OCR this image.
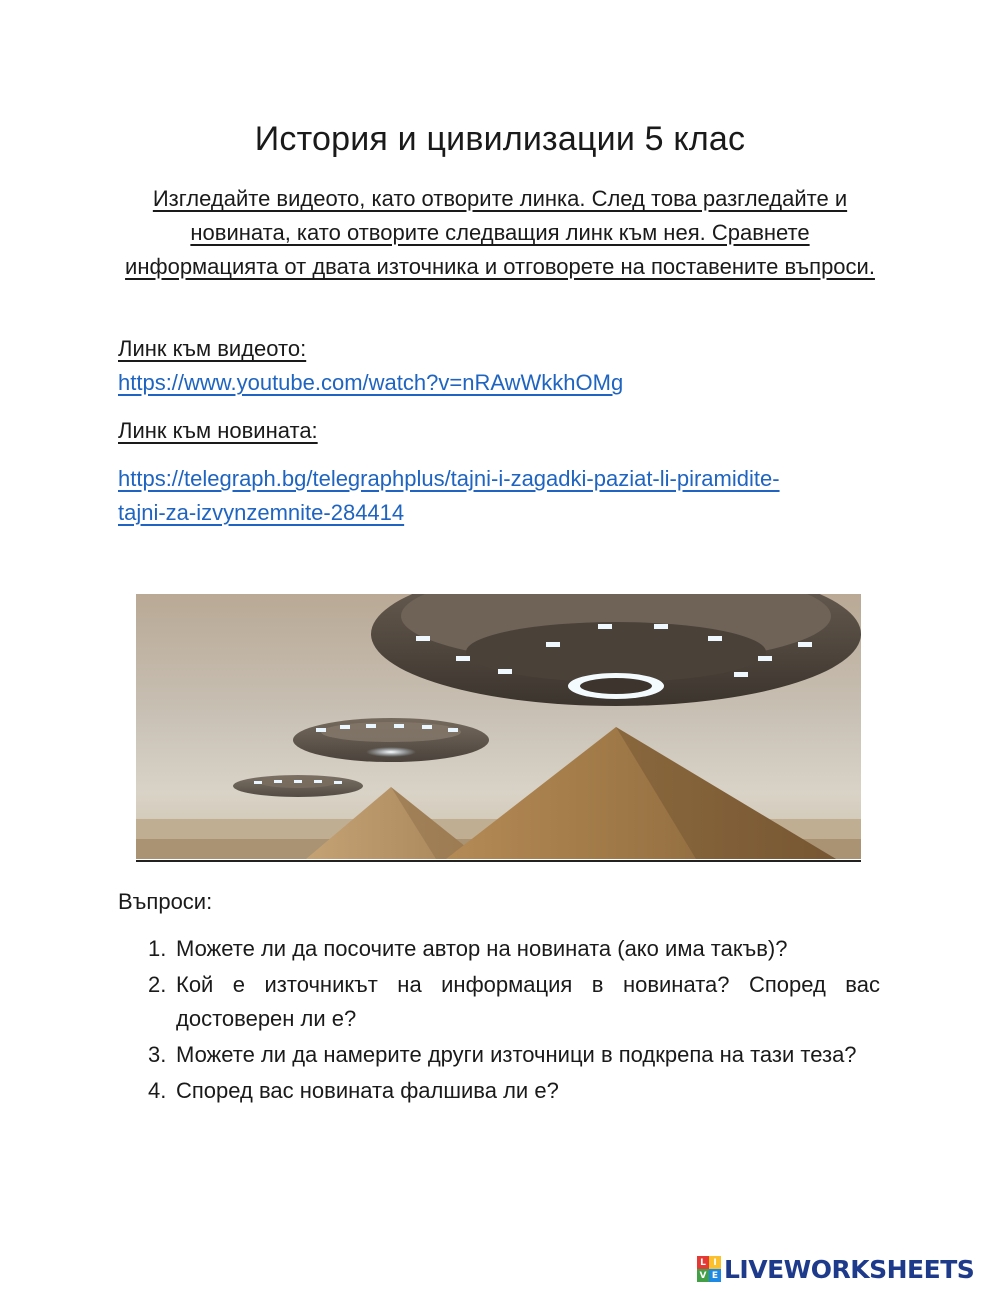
История и цивилизации 5 клас
Изгледайте видеото, като отворите линка. След това разгледайте и новината, като отворите следващия линк към нея. Сравнете информацията от двата източника и отговорете на поставените въпроси.
Линк към видеото:
https://www.youtube.com/watch?v=nRAwWkkhOMg
Линк към новината:
https://telegraph.bg/telegraphplus/tajni-i-zagadki-paziat-li-piramidite-
tajni-za-izvynzemnite-284414
Въпроси:
1. Можете ли да посочите автор на новината (ако има такъв)?
2. Кой е източникът на информация в новината? Според вас достоверен ли е?
3. Можете ли да намерите други източници в подкрепа на тази теза?
4. Според вас новината фалшива ли е?
L I
V E LIVEWORKSHEETS
